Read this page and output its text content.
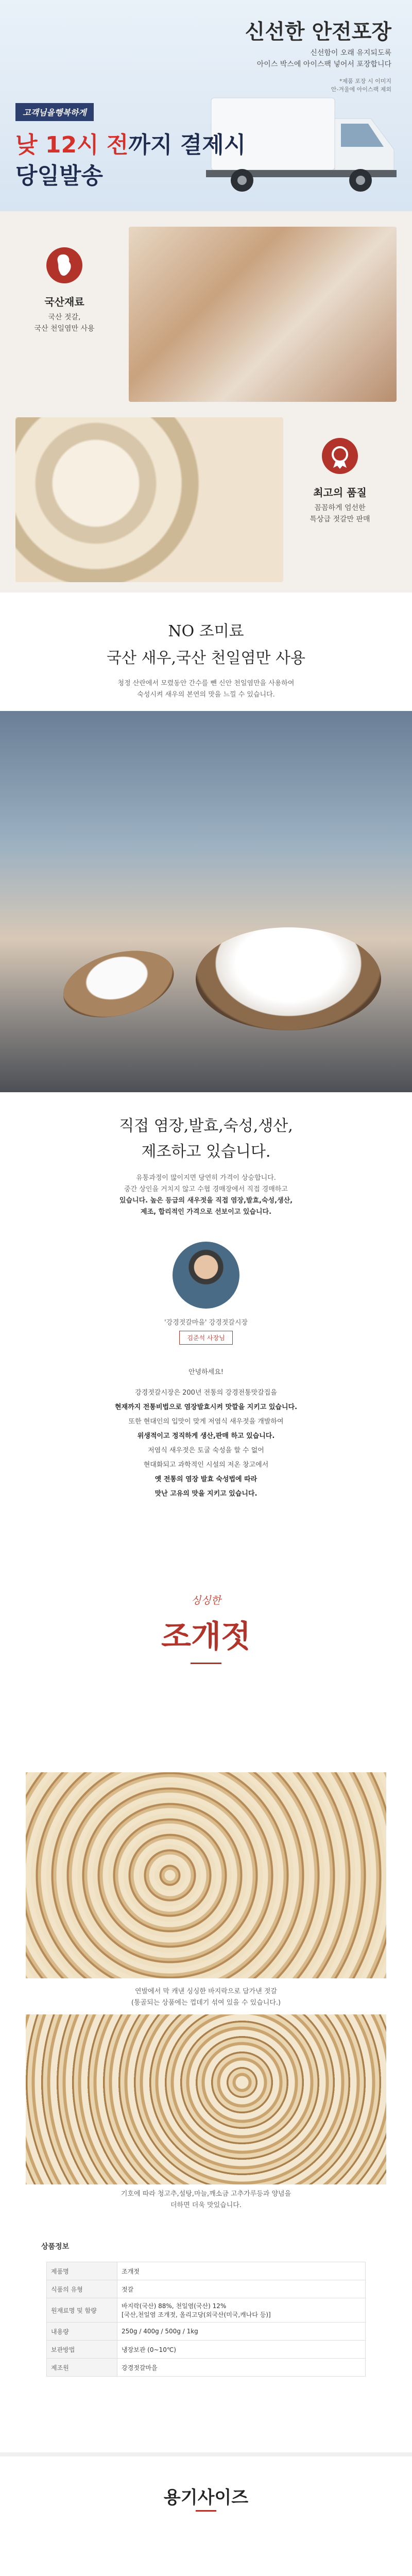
신선한 안전포장
신선함이 오래 유지되도록
아이스 박스에 아이스팩 넣어서 포장합니다
*제품 포장 시 이미지
안-겨울에 아이스팩 제외
고객님을행복하게
낮 12시 전까지 결제시
당일발송
국산재료
국산 젓갈,
국산 천일염만 사용
최고의 품질
꼼꼼하게 엄선한
특상급 젓갈만 판매
NO 조미료
국산 새우,국산 천일염만 사용
청정 산란에서 모렸동안 간수를 뺀 신안 천일염만을 사용하여
숙성시켜 새우의 본연의 맛을 느낄 수 있습니다.
직접 염장,발효,숙성,생산,
제조하고 있습니다.
유통과정이 많이지면 당연히 가격이 상승합니다.
중간 상인을 거치지 않고 수협 경매장에서 직접 경매하고
있습니다. 높은 등급의 새우젓을 직접 염장,발효,숙성,생산,
제조, 합리적인 가격으로 선보이고 있습니다.
'강경젓갈마을' 강경젓갈시장
김준석 사장님
안녕하세요!
강경젓갈시장은 200년 전통의 강경전통맛갈집을
현재까지 전통비법으로 염장발효시켜 맛깔을 지키고 있습니다.
또한 현대인의 입맛이 맞게 저염식 새우젓을 개발하여
위생적이고 정직하게 생산,판매 하고 있습니다.
저염식 새우젓은 토굴 숙성을 할 수 없어
현대화되고 과학적인 시설의 저온 창고에서
옛 전통의 염장 발효 숙성법에 따라
맛난 고유의 맛을 지키고 있습니다.
싱싱한
조개젓
연발에서 막 캐낸 싱싱한 바지락으로 담가낸 젓갈
(통골되는 상품에는 껍데기 섞여 있을 수 있습니다.)
기호에 따라 청고추,설탕,마늘,깨소금 고추가루등과 양념을
더하면 더욱 맛있습니다.
상품정보
제품명	조개젓
식품의 유형	젓갈
원재료명 및 함량	바지락(국산) 88%, 천일염(국산) 12%
[국산,천일염 조개젓, 올리고당(외국산(미국,캐나다 등)]
내용량	250g / 400g / 500g / 1kg
보관방법	냉장보관 (0~10℃)
제조원	강경젓갈마을
용기사이즈
